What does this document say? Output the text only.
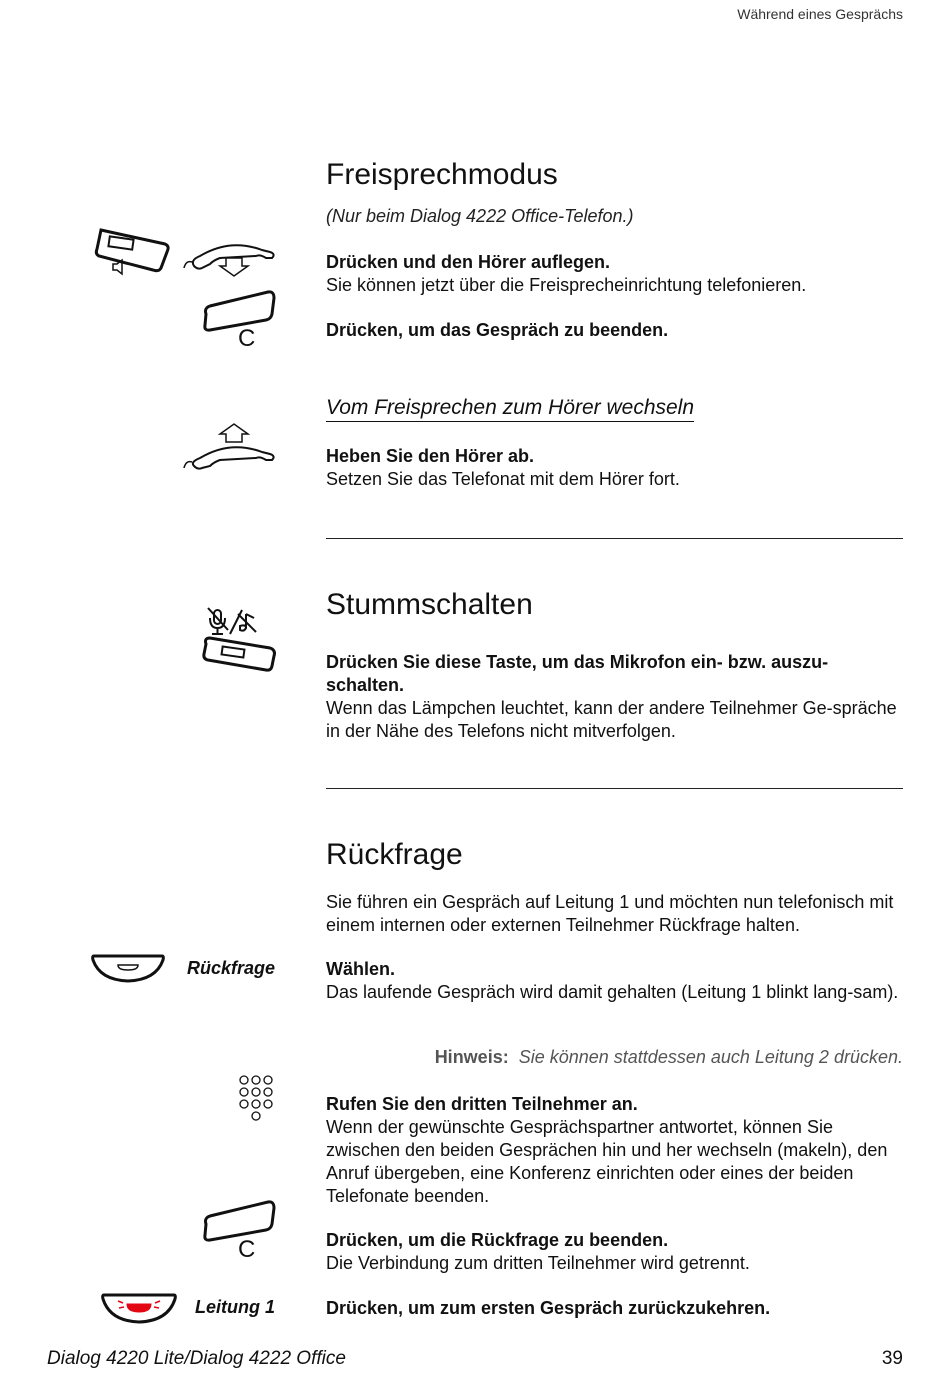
Während eines Gesprächs
Freisprechmodus
(Nur beim Dialog 4222 Office-Telefon.)
Drücken und den Hörer auflegen.
Sie können jetzt über die Freisprecheinrichtung telefonieren.
C	Drücken, um das Gespräch zu beenden.
Vom Freisprechen zum Hörer wechseln
Heben Sie den Hörer ab.
Setzen Sie das Telefonat mit dem Hörer fort.
Stummschalten
Drücken Sie diese Taste, um das Mikrofon ein- bzw. auszu-schalten.
Wenn das Lämpchen leuchtet, kann der andere Teilnehmer Ge-spräche in der Nähe des Telefons nicht mitverfolgen.
Rückfrage
Sie führen ein Gespräch auf Leitung 1 und möchten nun telefonisch mit einem internen oder externen Teilnehmer Rückfrage halten.
Rückfrage	Wählen.
Das laufende Gespräch wird damit gehalten (Leitung 1 blinkt lang-sam).
Hinweis: Sie können stattdessen auch Leitung 2 drücken.
Rufen Sie den dritten Teilnehmer an.
Wenn der gewünschte Gesprächspartner antwortet, können Sie zwischen den beiden Gesprächen hin und her wechseln (makeln), den Anruf übergeben, eine Konferenz einrichten oder eines der beiden Telefonate beenden.
C	Drücken, um die Rückfrage zu beenden.
Die Verbindung zum dritten Teilnehmer wird getrennt.
Leitung 1	Drücken, um zum ersten Gespräch zurückzukehren.
Dialog 4220 Lite/Dialog 4222 Office	39
